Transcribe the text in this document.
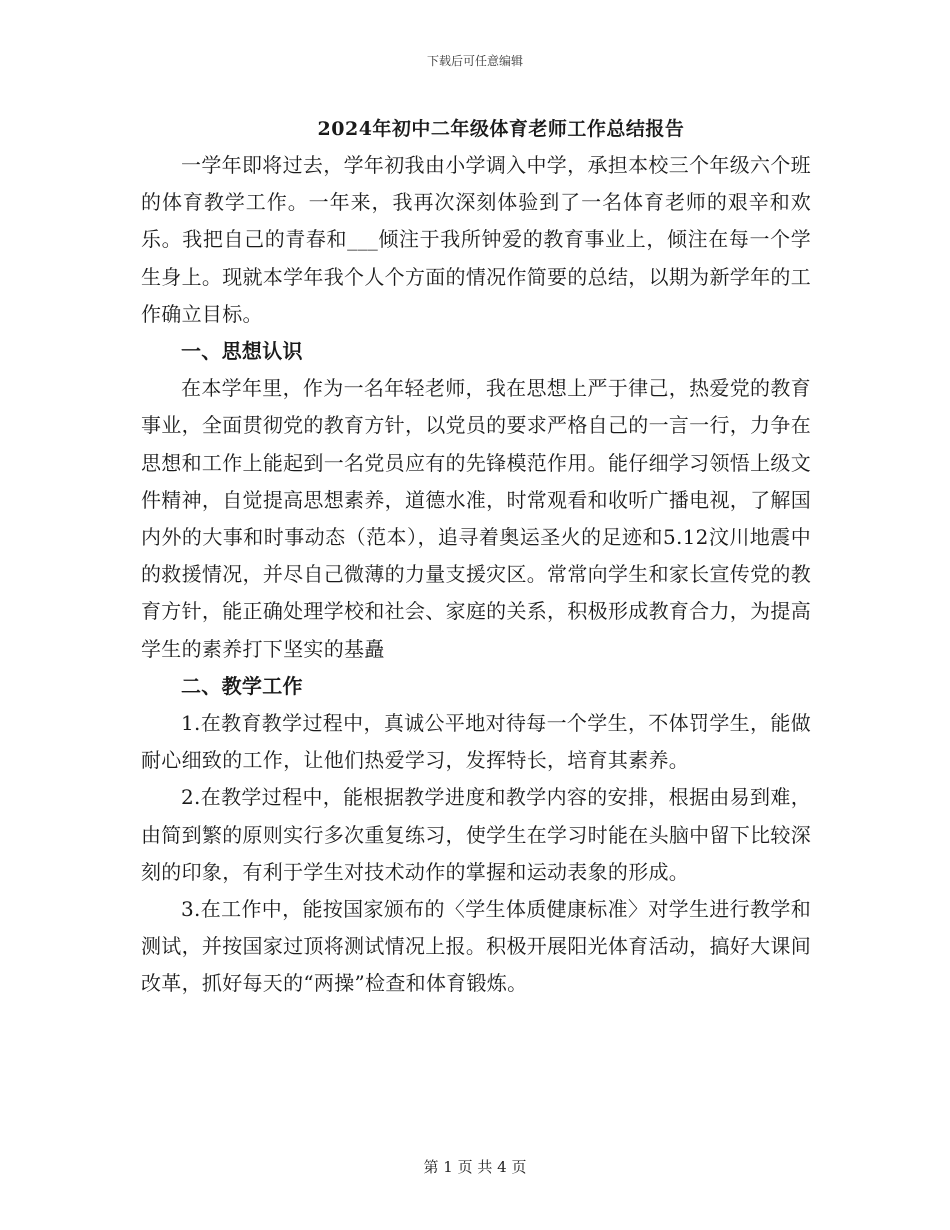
下载后可任意编辑
2024年初中二年级体育老师工作总结报告

一学年即将过去，学年初我由小学调入中学，承担本校三个年级六个班的体育教学工作。一年来，我再次深刻体验到了一名体育老师的艰辛和欢乐。我把自己的青春和___倾注于我所钟爱的教育事业上，倾注在每一个学生身上。现就本学年我个人个方面的情况作简要的总结，以期为新学年的工作确立目标。

一、思想认识

在本学年里，作为一名年轻老师，我在思想上严于律己，热爱党的教育事业，全面贯彻党的教育方针，以党员的要求严格自己的一言一行，力争在思想和工作上能起到一名党员应有的先锋模范作用。能仔细学习领悟上级文件精神，自觉提高思想素养，道德水准，时常观看和收听广播电视，了解国内外的大事和时事动态（范本），追寻着奥运圣火的足迹和5.12汶川地震中的救援情况，并尽自己微薄的力量支援灾区。常常向学生和家长宣传党的教育方针，能正确处理学校和社会、家庭的关系，积极形成教育合力，为提高学生的素养打下坚实的基矗

二、教学工作

1.在教育教学过程中，真诚公平地对待每一个学生，不体罚学生，能做耐心细致的工作，让他们热爱学习，发挥特长，培育其素养。

2.在教学过程中，能根据教学进度和教学内容的安排，根据由易到难，由简到繁的原则实行多次重复练习，使学生在学习时能在头脑中留下比较深刻的印象，有利于学生对技术动作的掌握和运动表象的形成。

3.在工作中，能按国家颁布的〈学生体质健康标准〉对学生进行教学和测试，并按国家过顶将测试情况上报。积极开展阳光体育活动，搞好大课间改革，抓好每天的“两操”检查和体育锻炼。

第 1 页 共 4 页
